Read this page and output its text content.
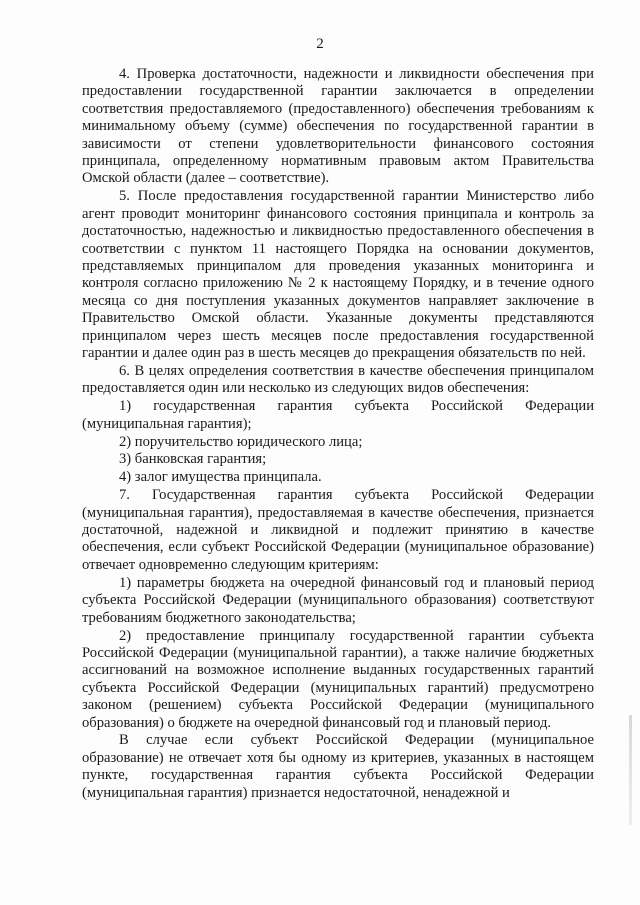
2

4. Проверка достаточности, надежности и ликвидности обеспечения при предоставлении государственной гарантии заключается в определении соответствия предоставляемого (предоставленного) обеспечения требованиям к минимальному объему (сумме) обеспечения по государственной гарантии в зависимости от степени удовлетворительности финансового состояния принципала, определенному нормативным правовым актом Правительства Омской области (далее – соответствие).

5. После предоставления государственной гарантии Министерство либо агент проводит мониторинг финансового состояния принципала и контроль за достаточностью, надежностью и ликвидностью предоставленного обеспечения в соответствии с пунктом 11 настоящего Порядка на основании документов, представляемых принципалом для проведения указанных мониторинга и контроля согласно приложению № 2 к настоящему Порядку, и в течение одного месяца со дня поступления указанных документов направляет заключение в Правительство Омской области. Указанные документы представляются принципалом через шесть месяцев после предоставления государственной гарантии и далее один раз в шесть месяцев до прекращения обязательств по ней.

6. В целях определения соответствия в качестве обеспечения принципалом предоставляется один или несколько из следующих видов обеспечения:

1) государственная гарантия субъекта Российской Федерации (муниципальная гарантия);

2) поручительство юридического лица;

3) банковская гарантия;

4) залог имущества принципала.

7. Государственная гарантия субъекта Российской Федерации (муниципальная гарантия), предоставляемая в качестве обеспечения, признается достаточной, надежной и ликвидной и подлежит принятию в качестве обеспечения, если субъект Российской Федерации (муниципальное образование) отвечает одновременно следующим критериям:

1) параметры бюджета на очередной финансовый год и плановый период субъекта Российской Федерации (муниципального образования) соответствуют требованиям бюджетного законодательства;

2) предоставление принципалу государственной гарантии субъекта Российской Федерации (муниципальной гарантии), а также наличие бюджетных ассигнований на возможное исполнение выданных государственных гарантий субъекта Российской Федерации (муниципальных гарантий) предусмотрено законом (решением) субъекта Российской Федерации (муниципального образования) о бюджете на очередной финансовый год и плановый период.

В случае если субъект Российской Федерации (муниципальное образование) не отвечает хотя бы одному из критериев, указанных в настоящем пункте, государственная гарантия субъекта Российской Федерации (муниципальная гарантия) признается недостаточной, ненадежной и
